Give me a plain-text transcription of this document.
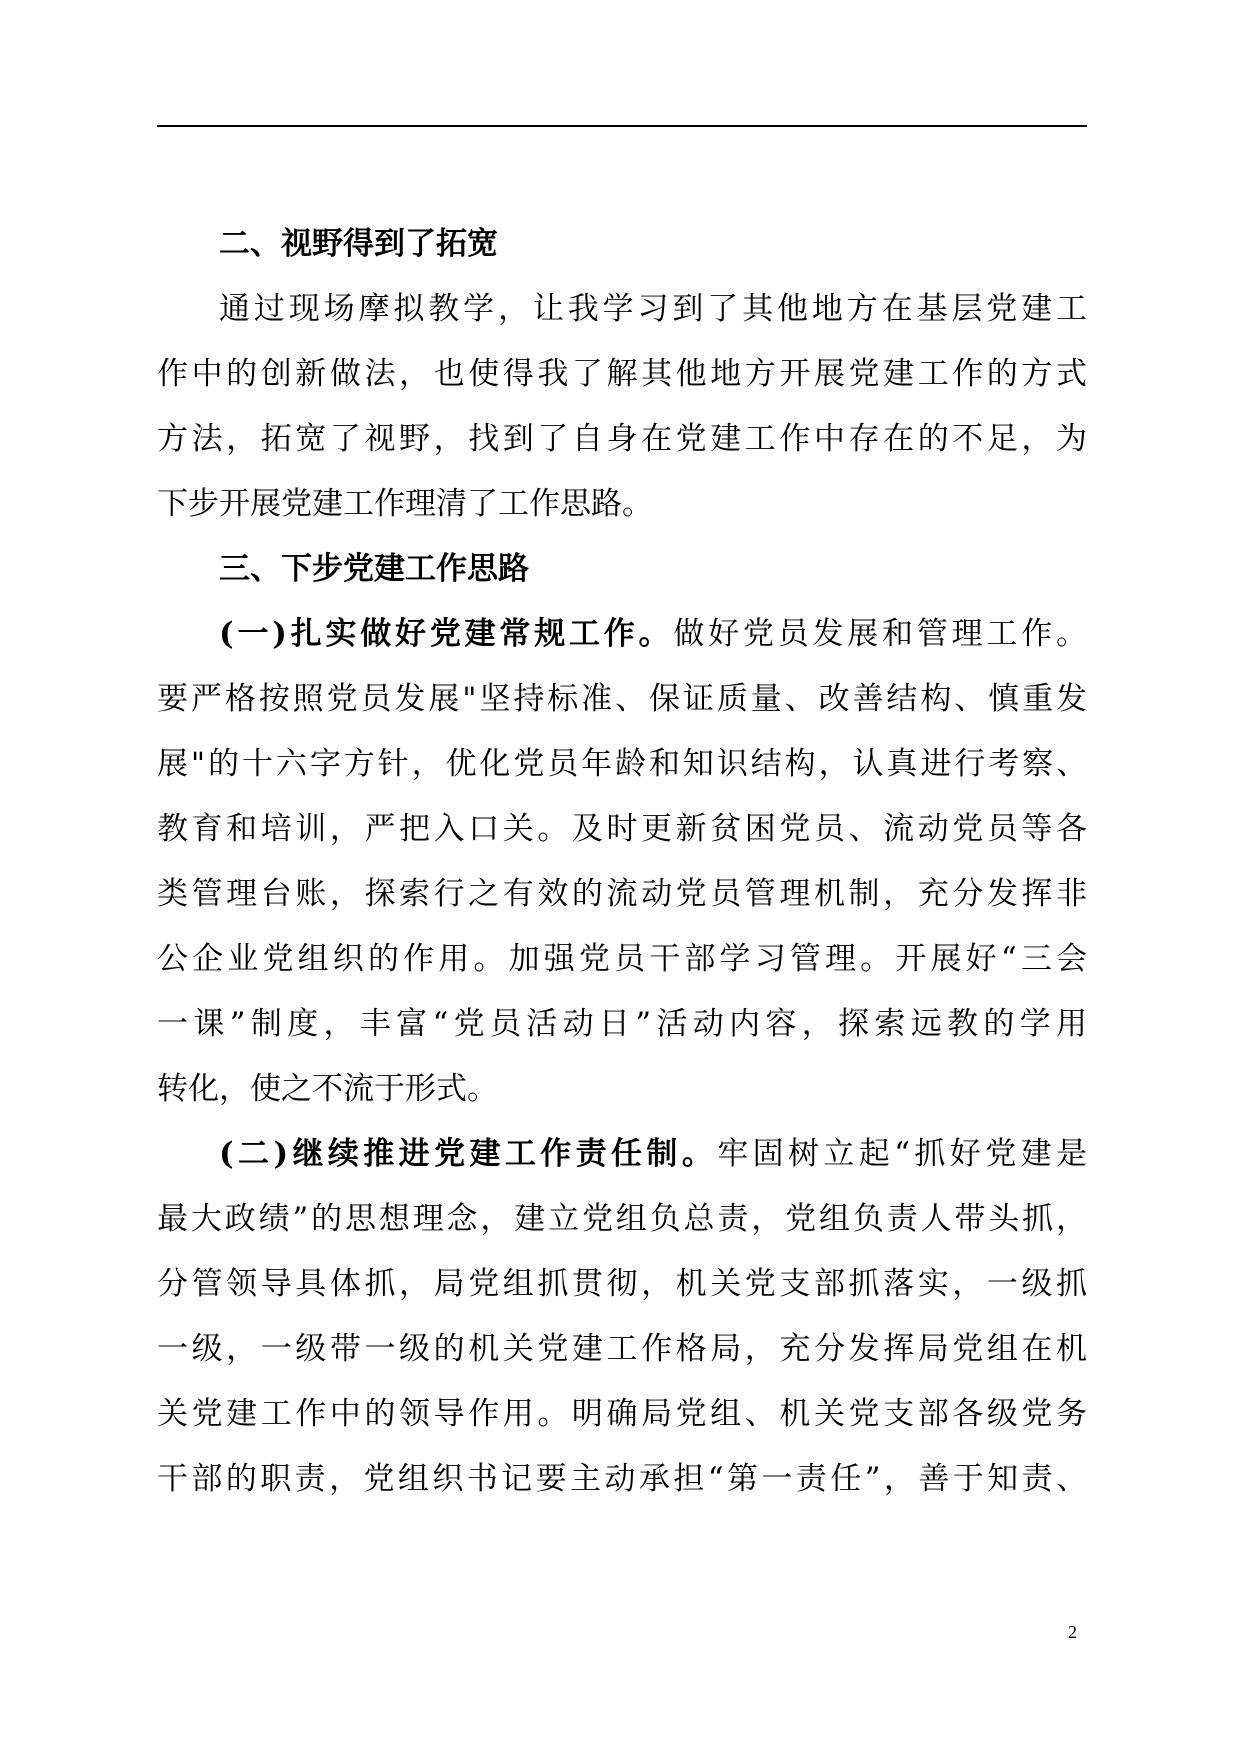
二、视野得到了拓宽
通过现场摩拟教学，让我学习到了其他地方在基层党建工
作中的创新做法，也使得我了解其他地方开展党建工作的方式
方法，拓宽了视野，找到了自身在党建工作中存在的不足，为
下步开展党建工作理清了工作思路。
三、下步党建工作思路
(一)扎实做好党建常规工作。做好党员发展和管理工作。
要严格按照党员发展"坚持标准、保证质量、改善结构、慎重发
展"的十六字方针，优化党员年龄和知识结构，认真进行考察、
教育和培训，严把入口关。及时更新贫困党员、流动党员等各
类管理台账，探索行之有效的流动党员管理机制，充分发挥非
公企业党组织的作用。加强党员干部学习管理。开展好“三会
一课”制度，丰富“党员活动日”活动内容，探索远教的学用
转化，使之不流于形式。
(二)继续推进党建工作责任制。牢固树立起“抓好党建是
最大政绩”的思想理念，建立党组负总责，党组负责人带头抓，
分管领导具体抓，局党组抓贯彻，机关党支部抓落实，一级抓
一级，一级带一级的机关党建工作格局，充分发挥局党组在机
关党建工作中的领导作用。明确局党组、机关党支部各级党务
干部的职责，党组织书记要主动承担“第一责任”，善于知责、
2
